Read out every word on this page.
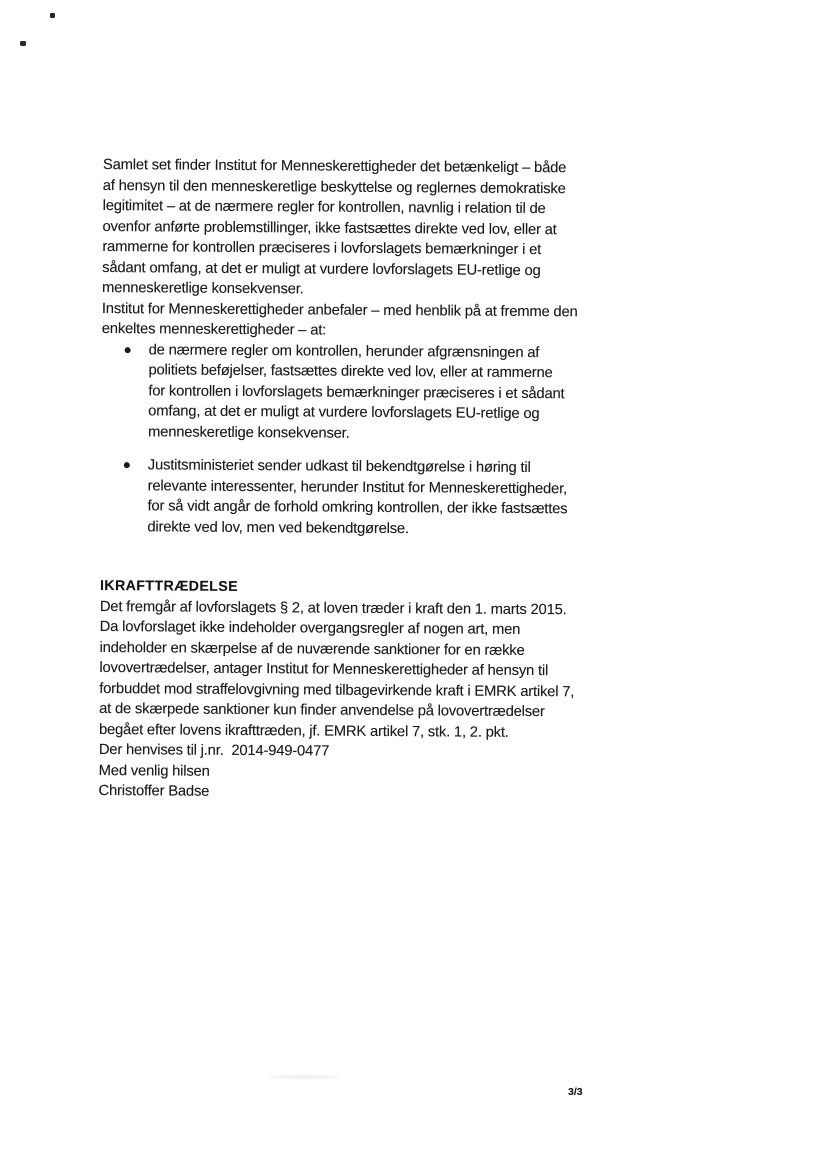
Samlet set finder Institut for Menneskerettigheder det betænkeligt – både af hensyn til den menneskeretlige beskyttelse og reglernes demokratiske legitimitet – at de nærmere regler for kontrollen, navnlig i relation til de ovenfor anførte problemstillinger, ikke fastsættes direkte ved lov, eller at rammerne for kontrollen præciseres i lovforslagets bemærkninger i et sådant omfang, at det er muligt at vurdere lovforslagets EU-retlige og menneskeretlige konsekvenser.

Institut for Menneskerettigheder anbefaler – med henblik på at fremme den enkeltes menneskerettigheder – at:

de nærmere regler om kontrollen, herunder afgrænsningen af politiets beføjelser, fastsættes direkte ved lov, eller at rammerne for kontrollen i lovforslagets bemærkninger præciseres i et sådant omfang, at det er muligt at vurdere lovforslagets EU-retlige og menneskeretlige konsekvenser.
Justitsministeriet sender udkast til bekendtgørelse i høring til relevante interessenter, herunder Institut for Menneskerettigheder, for så vidt angår de forhold omkring kontrollen, der ikke fastsættes direkte ved lov, men ved bekendtgørelse.

IKRAFTTRÆDELSE

Det fremgår af lovforslagets § 2, at loven træder i kraft den 1. marts 2015.

Da lovforslaget ikke indeholder overgangsregler af nogen art, men indeholder en skærpelse af de nuværende sanktioner for en række lovovertrædelser, antager Institut for Menneskerettigheder af hensyn til forbuddet mod straffelovgivning med tilbagevirkende kraft i EMRK artikel 7, at de skærpede sanktioner kun finder anvendelse på lovovertrædelser begået efter lovens ikrafttræden, jf. EMRK artikel 7, stk. 1, 2. pkt.

Der henvises til j.nr.  2014-949-0477

Med venlig hilsen

Christoffer Badse

3/3
